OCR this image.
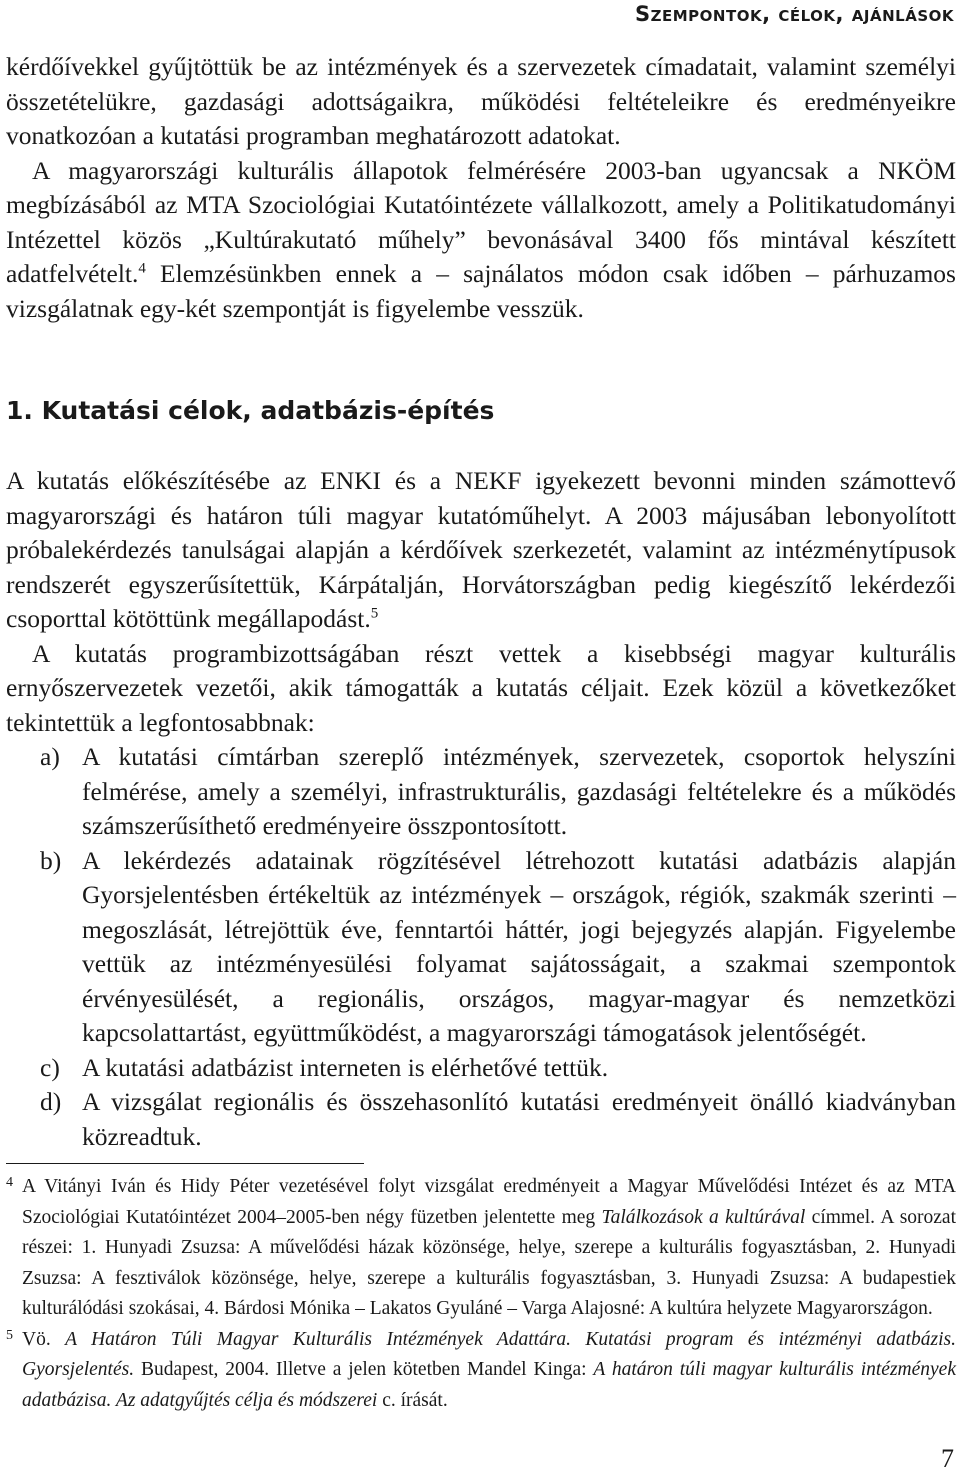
Szempontok, célok, ajánlások

kérdőívekkel gyűjtöttük be az intézmények és a szervezetek címadatait, valamint személyi összetételükre, gazdasági adottságaikra, működési feltételeikre és eredményeikre vonatkozóan a kutatási programban meghatározott adatokat.

A magyarországi kulturális állapotok felmérésére 2003-ban ugyancsak a NKÖM megbízásából az MTA Szociológiai Kutatóintézete vállalkozott, amely a Politikatudományi Intézettel közös „Kultúrakutató műhely” bevonásával 3400 fős mintával készített adatfelvételt.$^4$ Elemzésünkben ennek a – sajnálatos módon csak időben – párhuzamos vizsgálatnak egy-két szempontját is figyelembe vesszük.

1. Kutatási célok, adatbázis-építés

A kutatás előkészítésébe az ENKI és a NEKF igyekezett bevonni minden számottevő magyarországi és határon túli magyar kutatóműhelyt. A 2003 májusában lebonyolított próbalekérdezés tanulságai alapján a kérdőívek szerkezetét, valamint az intézménytípusok rendszerét egyszerűsítettük, Kárpátalján, Horvátországban pedig kiegészítő lekérdezői csoporttal kötöttünk megállapodást.$^5$

A kutatás programbizottságában részt vettek a kisebbségi magyar kulturális ernyőszervezetek vezetői, akik támogatták a kutatás céljait. Ezek közül a következőket tekintettük a legfontosabbnak:

a) A kutatási címtárban szereplő intézmények, szervezetek, csoportok helyszíni felmérése, amely a személyi, infrastrukturális, gazdasági feltételekre és a működés számszerűsíthető eredményeire összpontosított.
b) A lekérdezés adatainak rögzítésével létrehozott kutatási adatbázis alapján Gyorsjelentésben értékeltük az intézmények – országok, régiók, szakmák szerinti – megoszlását, létrejöttük éve, fenntartói háttér, jogi bejegyzés alapján. Figyelembe vettük az intézményesülési folyamat sajátosságait, a szakmai szempontok érvényesülését, a regionális, országos, magyar-magyar és nemzetközi kapcsolattartást, együttműködést, a magyarországi támogatások jelentőségét.
c) A kutatási adatbázist interneten is elérhetővé tettük.
d) A vizsgálat regionális és összehasonlító kutatási eredményeit önálló kiadványban közreadtuk.

4 A Vitányi Iván és Hidy Péter vezetésével folyt vizsgálat eredményeit a Magyar Művelődési Intézet és az MTA Szociológiai Kutatóintézet 2004–2005-ben négy füzetben jelentette meg Találkozások a kultúrával címmel. A sorozat részei: 1. Hunyadi Zsuzsa: A művelődési házak közönsége, helye, szerepe a kulturális fogyasztásban, 2. Hunyadi Zsuzsa: A fesztiválok közönsége, helye, szerepe a kulturális fogyasztásban, 3. Hunyadi Zsuzsa: A budapestiek kulturálódási szokásai, 4. Bárdosi Mónika – Lakatos Gyuláné – Varga Alajosné: A kultúra helyzete Magyarországon.

5 Vö. A Határon Túli Magyar Kulturális Intézmények Adattára. Kutatási program és intézményi adatbázis. Gyorsjelentés. Budapest, 2004. Illetve a jelen kötetben Mandel Kinga: A határon túli magyar kulturális intézmények adatbázisa. Az adatgyűjtés célja és módszerei c. írását.

7
